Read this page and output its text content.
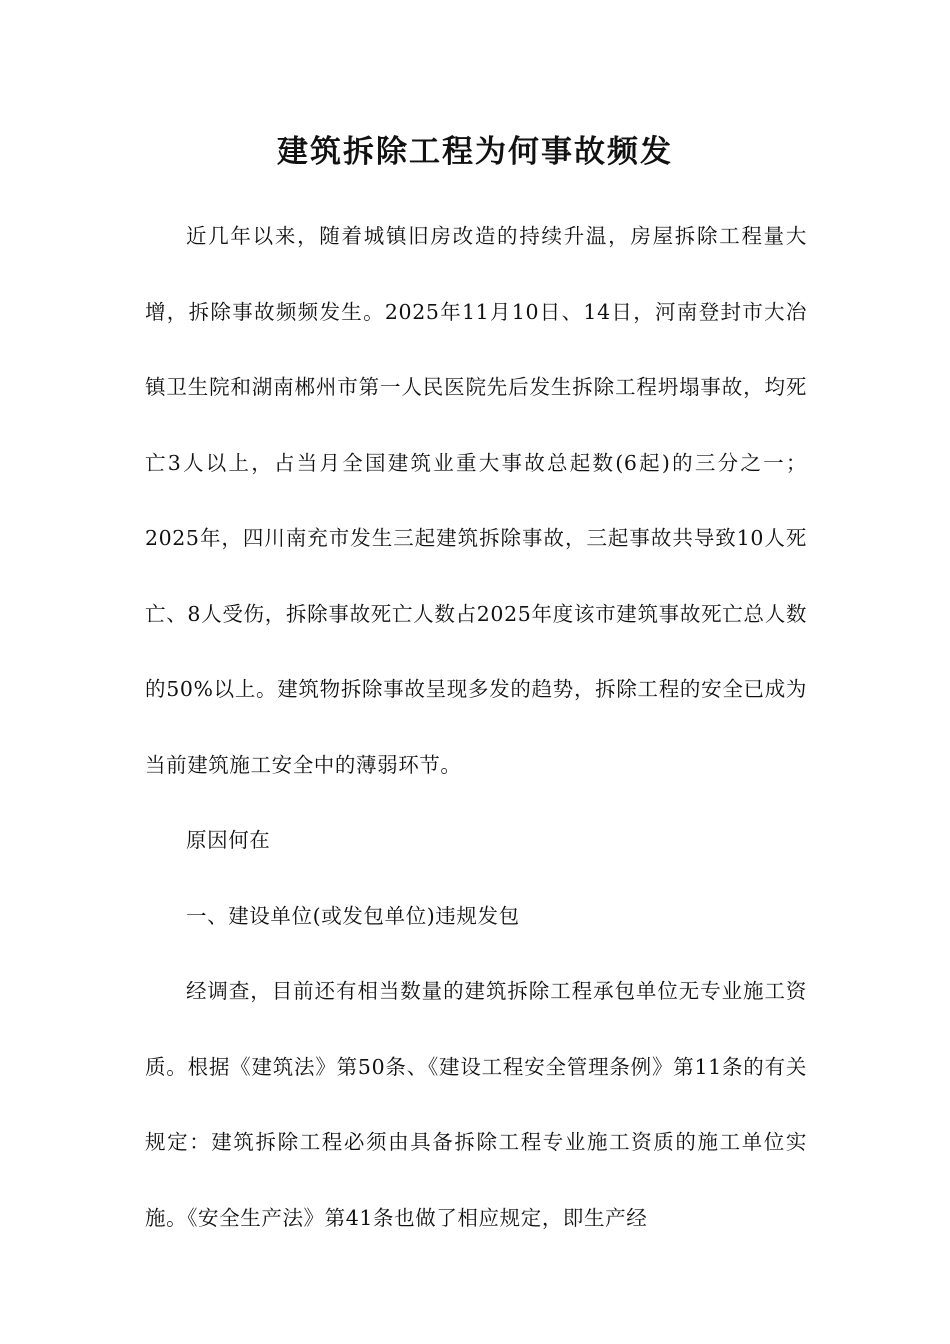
建筑拆除工程为何事故频发

近几年以来，随着城镇旧房改造的持续升温，房屋拆除工程量大增，拆除事故频频发生。2025年11月10日、14日，河南登封市大冶镇卫生院和湖南郴州市第一人民医院先后发生拆除工程坍塌事故，均死亡3人以上，占当月全国建筑业重大事故总起数(6起)的三分之一；2025年，四川南充市发生三起建筑拆除事故，三起事故共导致10人死亡、8人受伤，拆除事故死亡人数占2025年度该市建筑事故死亡总人数的50%以上。建筑物拆除事故呈现多发的趋势，拆除工程的安全已成为当前建筑施工安全中的薄弱环节。

原因何在

一、建设单位(或发包单位)违规发包

经调查，目前还有相当数量的建筑拆除工程承包单位无专业施工资质。根据《建筑法》第50条、《建设工程安全管理条例》第11条的有关规定：建筑拆除工程必须由具备拆除工程专业施工资质的施工单位实施。《安全生产法》第41条也做了相应规定，即生产经
